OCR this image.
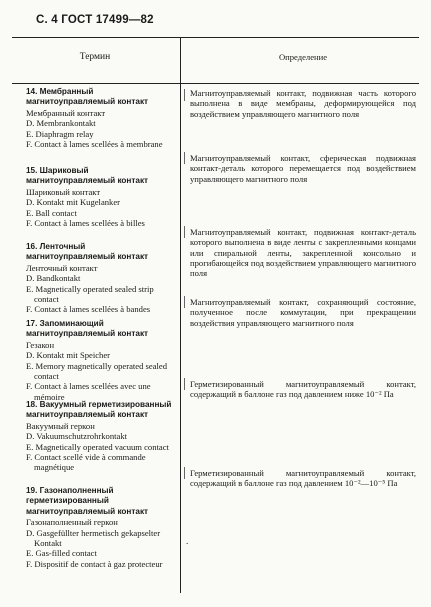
С. 4 ГОСТ 17499—82
Термин	Определение
14. Мембранный магнитоуправляемый контакт
Мембранный контакт
D. Membrankontakt
E. Diaphragm relay
F. Contact à lames scellées à membrane
15. Шариковый магнитоуправляемый контакт
Шариковый контакт
D. Kontakt mit Kugelanker
E. Ball contact
F. Contact à lames scellées à billes
16. Ленточный магнитоуправляемый контакт
Ленточный контакт
D. Bandkontakt
E. Magnetically operated sealed strip contact
F. Contact à lames scellées à bandes
17. Запоминающий магнитоуправляемый контакт
Гезакон
D. Kontakt mit Speicher
E. Memory magnetically operated sealed contact
F. Contact à lames scellées avec une mémoire
18. Вакуумный герметизированный магнитоуправляемый контакт
Вакуумный геркон
D. Vakuumschutzrohrkontakt
E. Magnetically operated vacuum contact
F. Contact scellé vide à commande magnétique
19. Газонаполненный герметизированный магнитоуправляемый контакт
Газонаполненный геркон
D. Gasgefüllter hermetisch gekapselter Kontakt
E. Gas-filled contact
F. Dispositif de contact à gaz protecteur
Магнитоуправляемый контакт, подвижная часть которого выполнена в виде мембраны, деформирующейся под воздействием управляющего магнитного поля
Магнитоуправляемый контакт, сферическая подвижная контакт-деталь которого перемещается под воздействием управляющего магнитного поля
Магнитоуправляемый контакт, подвижная контакт-деталь которого выполнена в виде ленты с закрепленными концами или спиральной ленты, закрепленной консольно и прогибающейся под воздействием управляющего магнитного поля
Магнитоуправляемый контакт, сохраняющий состояние, полученное после коммутации, при прекращении воздействия управляющего магнитного поля
Герметизированный магнитоуправляемый контакт, содержащий в баллоне газ под давлением ниже 10⁻² Па
Герметизированный магнитоуправляемый контакт, содержащий в баллоне газ под давлением 10⁻²—10⁻⁵ Па
.
